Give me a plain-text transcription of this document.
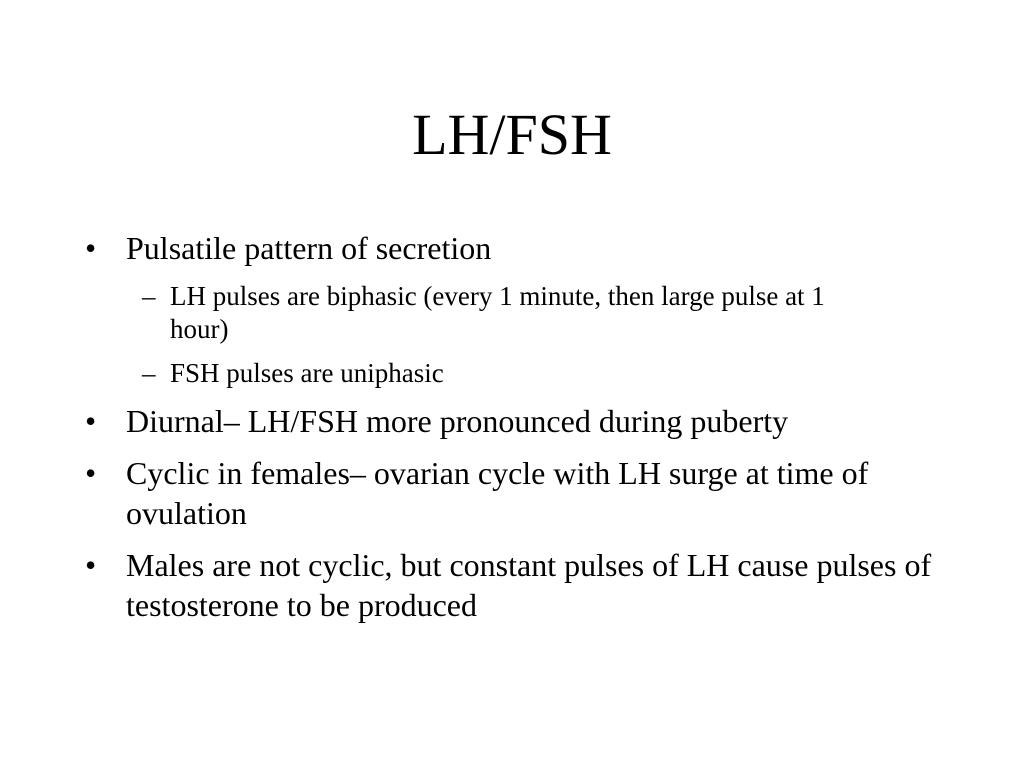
LH/FSH
• Pulsatile pattern of secretion
– LH pulses are biphasic (every 1 minute, then large pulse at 1 hour)
– FSH pulses are uniphasic
• Diurnal– LH/FSH more pronounced during puberty
• Cyclic in females– ovarian cycle with LH surge at time of ovulation
• Males are not cyclic, but constant pulses of LH cause pulses of testosterone to be produced
